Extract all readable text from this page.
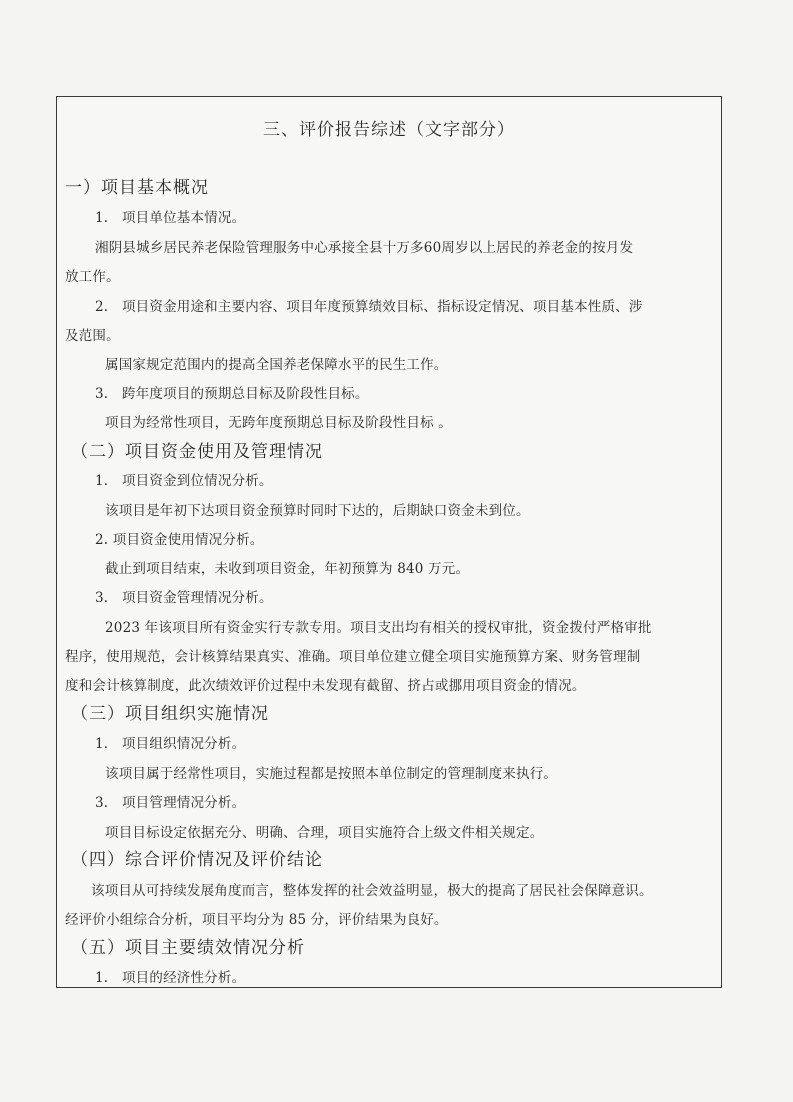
三、评价报告综述（文字部分）
一）项目基本概况
1.　项目单位基本情况。
湘阴县城乡居民养老保险管理服务中心承接全县十万多60周岁以上居民的养老金的按月发
放工作。
2.　项目资金用途和主要内容、项目年度预算绩效目标、指标设定情况、项目基本性质、涉
及范围。
属国家规定范围内的提高全国养老保障水平的民生工作。
3.　跨年度项目的预期总目标及阶段性目标。
项目为经常性项目，无跨年度预期总目标及阶段性目标 。
（二）项目资金使用及管理情况
1.　项目资金到位情况分析。
该项目是年初下达项目资金预算时同时下达的，后期缺口资金未到位。
2. 项目资金使用情况分析。
截止到项目结束，未收到项目资金，年初预算为 840 万元。
3.　项目资金管理情况分析。
2023 年该项目所有资金实行专款专用。项目支出均有相关的授权审批，资金拨付严格审批
程序，使用规范，会计核算结果真实、准确。项目单位建立健全项目实施预算方案、财务管理制
度和会计核算制度，此次绩效评价过程中未发现有截留、挤占或挪用项目资金的情况。
（三）项目组织实施情况
1.　项目组织情况分析。
该项目属于经常性项目，实施过程都是按照本单位制定的管理制度来执行。
3.　项目管理情况分析。
项目目标设定依据充分、明确、合理，项目实施符合上级文件相关规定。
（四）综合评价情况及评价结论
该项目从可持续发展角度而言，整体发挥的社会效益明显，极大的提高了居民社会保障意识。
经评价小组综合分析，项目平均分为 85 分，评价结果为良好。
（五）项目主要绩效情况分析
1.　项目的经济性分析。
